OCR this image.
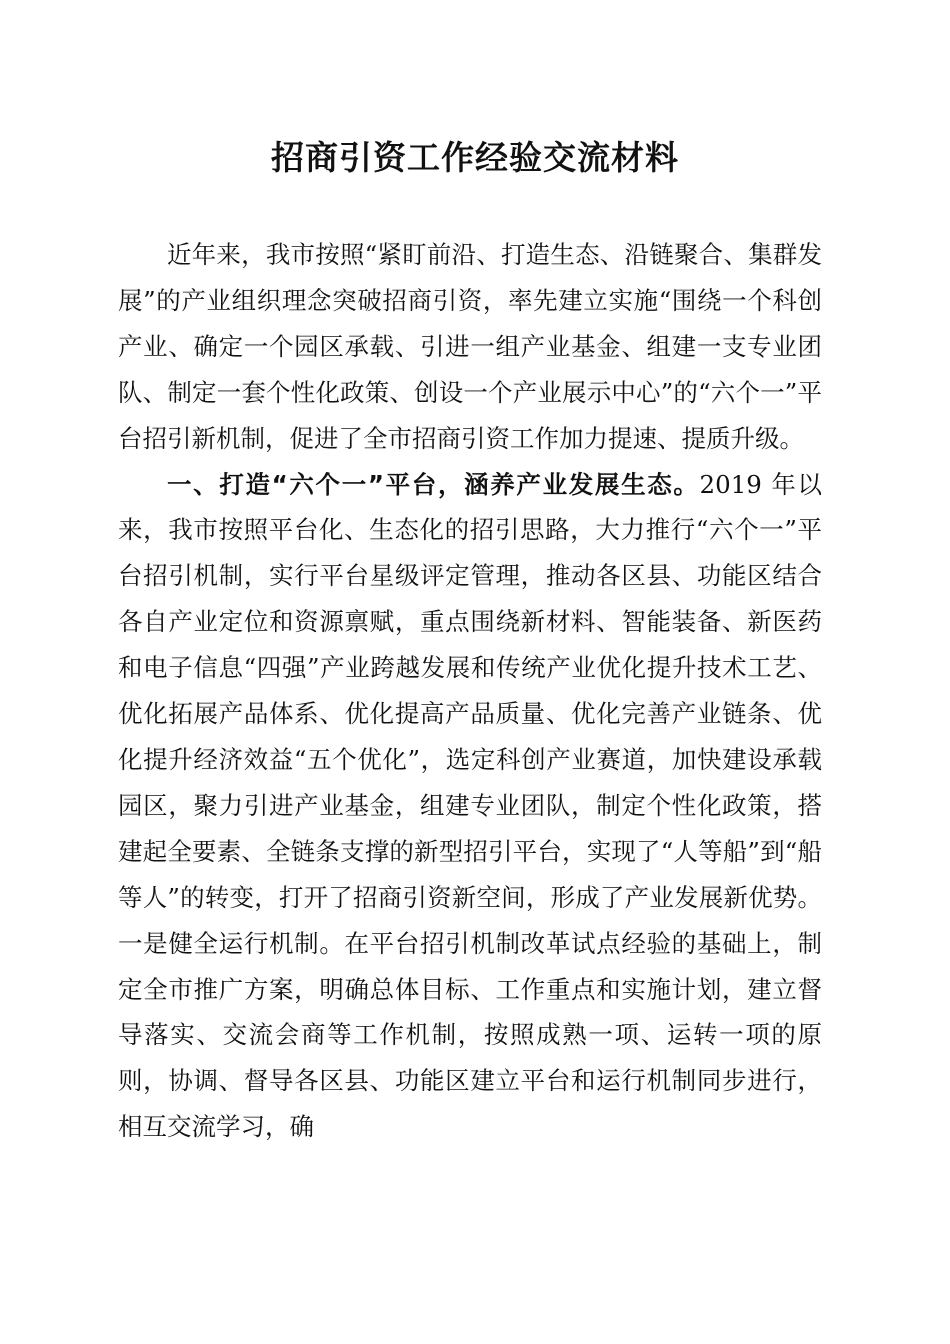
招商引资工作经验交流材料

近年来，我市按照“紧盯前沿、打造生态、沿链聚合、集群发展”的产业组织理念突破招商引资，率先建立实施“围绕一个科创产业、确定一个园区承载、引进一组产业基金、组建一支专业团队、制定一套个性化政策、创设一个产业展示中心”的“六个一”平台招引新机制，促进了全市招商引资工作加力提速、提质升级。

一、打造“六个一”平台，涵养产业发展生态。2019 年以来，我市按照平台化、生态化的招引思路，大力推行“六个一”平台招引机制，实行平台星级评定管理，推动各区县、功能区结合各自产业定位和资源禀赋，重点围绕新材料、智能装备、新医药和电子信息“四强”产业跨越发展和传统产业优化提升技术工艺、优化拓展产品体系、优化提高产品质量、优化完善产业链条、优化提升经济效益“五个优化”，选定科创产业赛道，加快建设承载园区，聚力引进产业基金，组建专业团队，制定个性化政策，搭建起全要素、全链条支撑的新型招引平台，实现了“人等船”到“船等人”的转变，打开了招商引资新空间，形成了产业发展新优势。一是健全运行机制。在平台招引机制改革试点经验的基础上，制定全市推广方案，明确总体目标、工作重点和实施计划，建立督导落实、交流会商等工作机制，按照成熟一项、运转一项的原则，协调、督导各区县、功能区建立平台和运行机制同步进行，相互交流学习，确
